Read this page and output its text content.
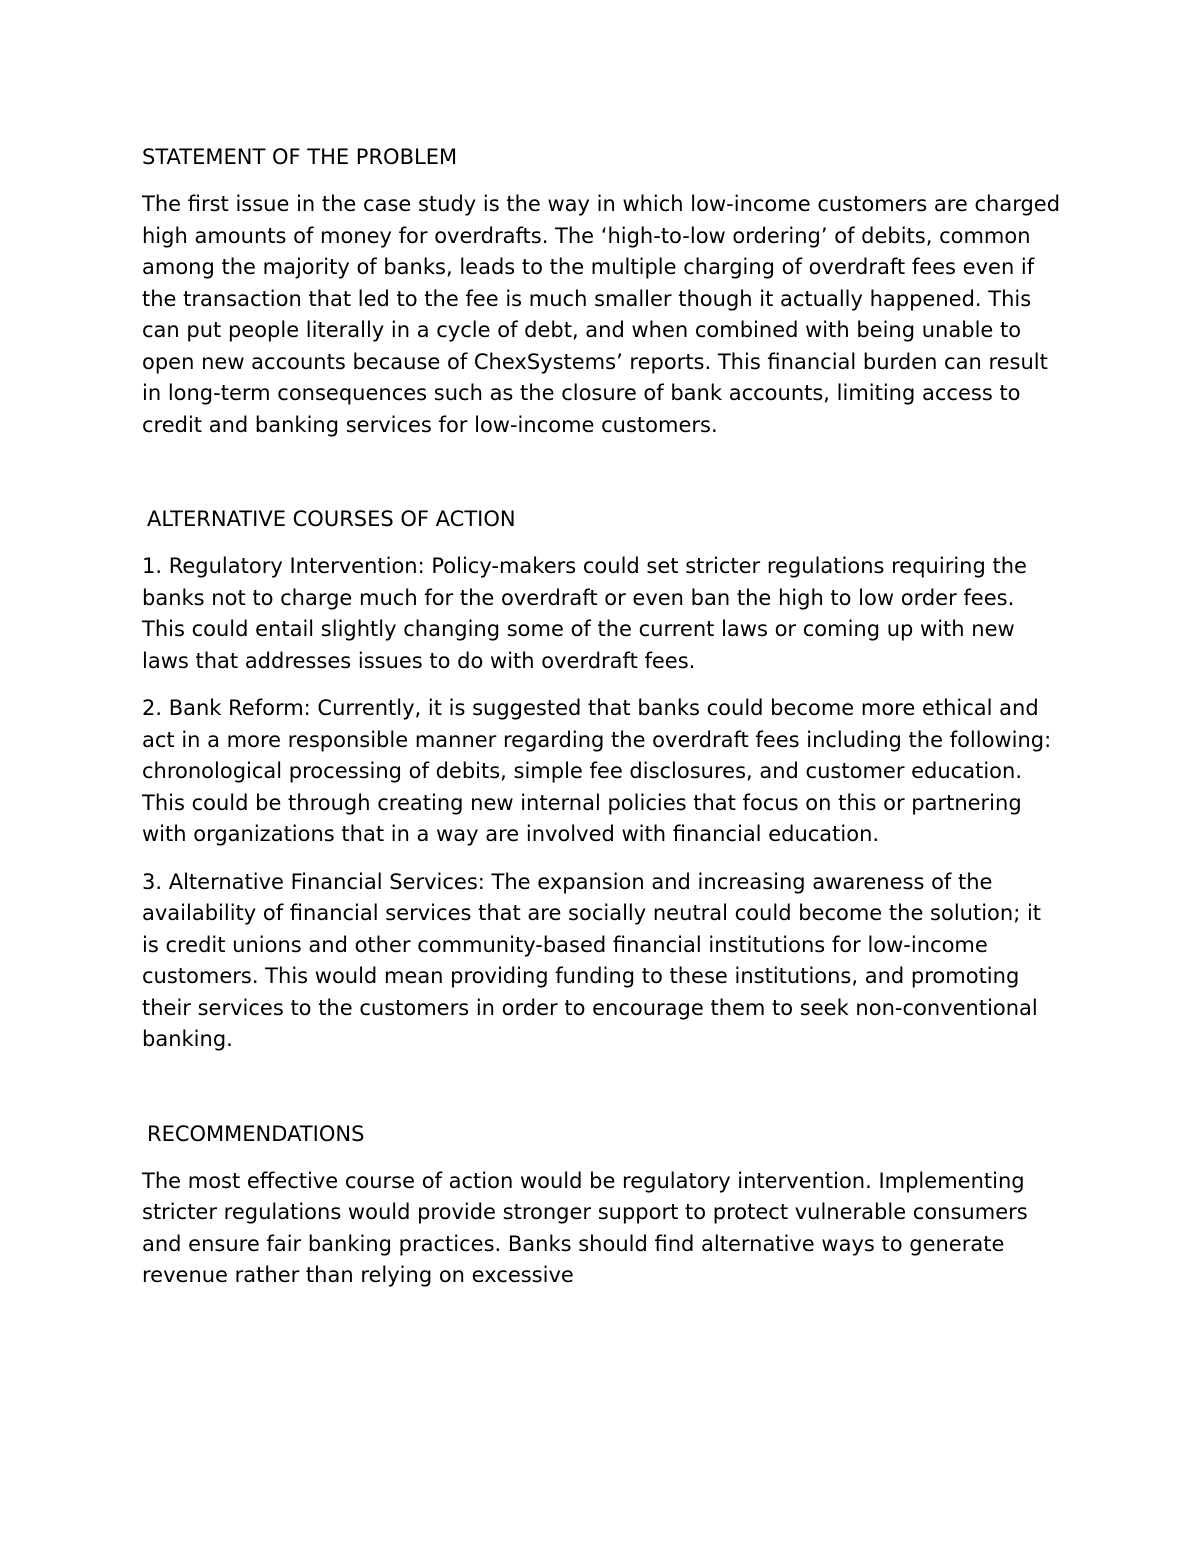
STATEMENT OF THE PROBLEM

The first issue in the case study is the way in which low-income customers are charged high amounts of money for overdrafts. The ‘high-to-low ordering’ of debits, common among the majority of banks, leads to the multiple charging of overdraft fees even if the transaction that led to the fee is much smaller though it actually happened. This can put people literally in a cycle of debt, and when combined with being unable to open new accounts because of ChexSystems’ reports. This financial burden can result in long-term consequences such as the closure of bank accounts, limiting access to credit and banking services for low-income customers.

ALTERNATIVE COURSES OF ACTION

1. Regulatory Intervention: Policy-makers could set stricter regulations requiring the banks not to charge much for the overdraft or even ban the high to low order fees. This could entail slightly changing some of the current laws or coming up with new laws that addresses issues to do with overdraft fees.

2. Bank Reform: Currently, it is suggested that banks could become more ethical and act in a more responsible manner regarding the overdraft fees including the following: chronological processing of debits, simple fee disclosures, and customer education. This could be through creating new internal policies that focus on this or partnering with organizations that in a way are involved with financial education.

3. Alternative Financial Services: The expansion and increasing awareness of the availability of financial services that are socially neutral could become the solution; it is credit unions and other community-based financial institutions for low-income customers. This would mean providing funding to these institutions, and promoting their services to the customers in order to encourage them to seek non-conventional banking.

RECOMMENDATIONS

The most effective course of action would be regulatory intervention. Implementing stricter regulations would provide stronger support to protect vulnerable consumers and ensure fair banking practices. Banks should find alternative ways to generate revenue rather than relying on excessive
